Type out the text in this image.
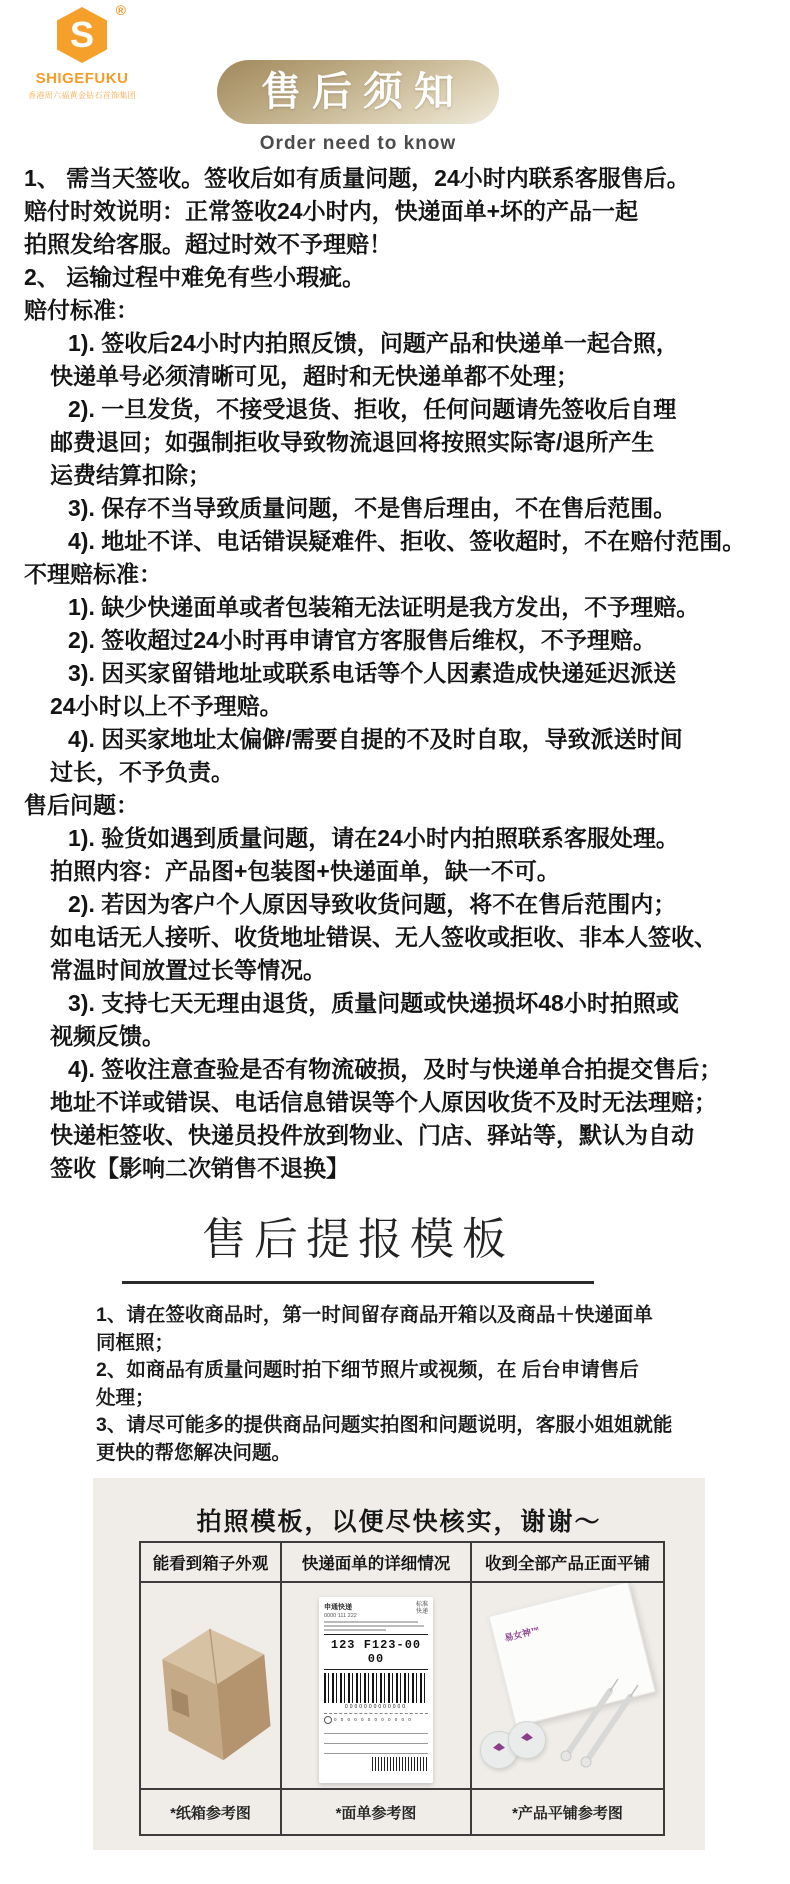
S
®
SHIGEFUKU
香港周六福黄金钻石首饰集团	售后须知
Order need to know
1、 需当天签收。签收后如有质量问题，24小时内联系客服售后。
赔付时效说明：正常签收24小时内，快递面单+坏的产品一起
拍照发给客服。超过时效不予理赔！
2、 运输过程中难免有些小瑕疵。
赔付标准：
1). 签收后24小时内拍照反馈，问题产品和快递单一起合照，
快递单号必须清晰可见，超时和无快递单都不处理；
2). 一旦发货，不接受退货、拒收，任何问题请先签收后自理
邮费退回；如强制拒收导致物流退回将按照实际寄/退所产生
运费结算扣除；
3). 保存不当导致质量问题，不是售后理由，不在售后范围。
4). 地址不详、电话错误疑难件、拒收、签收超时，不在赔付范围。
不理赔标准：
1). 缺少快递面单或者包装箱无法证明是我方发出，不予理赔。
2). 签收超过24小时再申请官方客服售后维权，不予理赔。
3). 因买家留错地址或联系电话等个人因素造成快递延迟派送
24小时以上不予理赔。
4). 因买家地址太偏僻/需要自提的不及时自取，导致派送时间
过长，不予负责。
售后问题：
1). 验货如遇到质量问题，请在24小时内拍照联系客服处理。
拍照内容：产品图+包装图+快递面单，缺一不可。
2). 若因为客户个人原因导致收货问题，将不在售后范围内；
如电话无人接听、收货地址错误、无人签收或拒收、非本人签收、
常温时间放置过长等情况。
3). 支持七天无理由退货，质量问题或快递损坏48小时拍照或
视频反馈。
4). 签收注意查验是否有物流破损，及时与快递单合拍提交售后；
地址不详或错误、电话信息错误等个人原因收货不及时无法理赔；
快递柜签收、快递员投件放到物业、门店、驿站等，默认为自动
签收【影响二次销售不退换】
售后提报模板
1、请在签收商品时，第一时间留存商品开箱以及商品＋快递面单
同框照；
2、如商品有质量问题时拍下细节照片或视频，在 后台申请售后
处理；
3、请尽可能多的提供商品问题实拍图和问题说明，客服小姐姐就能
更快的帮您解决问题。
拍照模板，以便尽快核实，谢谢～
能看到箱子外观	快递面单的详细情况	收到全部产品正面平铺

申通快递
0000 111 222
标准
快递
123 F123-00 00
0000000000000
0 0 0 0 0 0 0 0 0 0 0 0

易女神™

*纸箱参考图	*面单参考图	*产品平铺参考图
